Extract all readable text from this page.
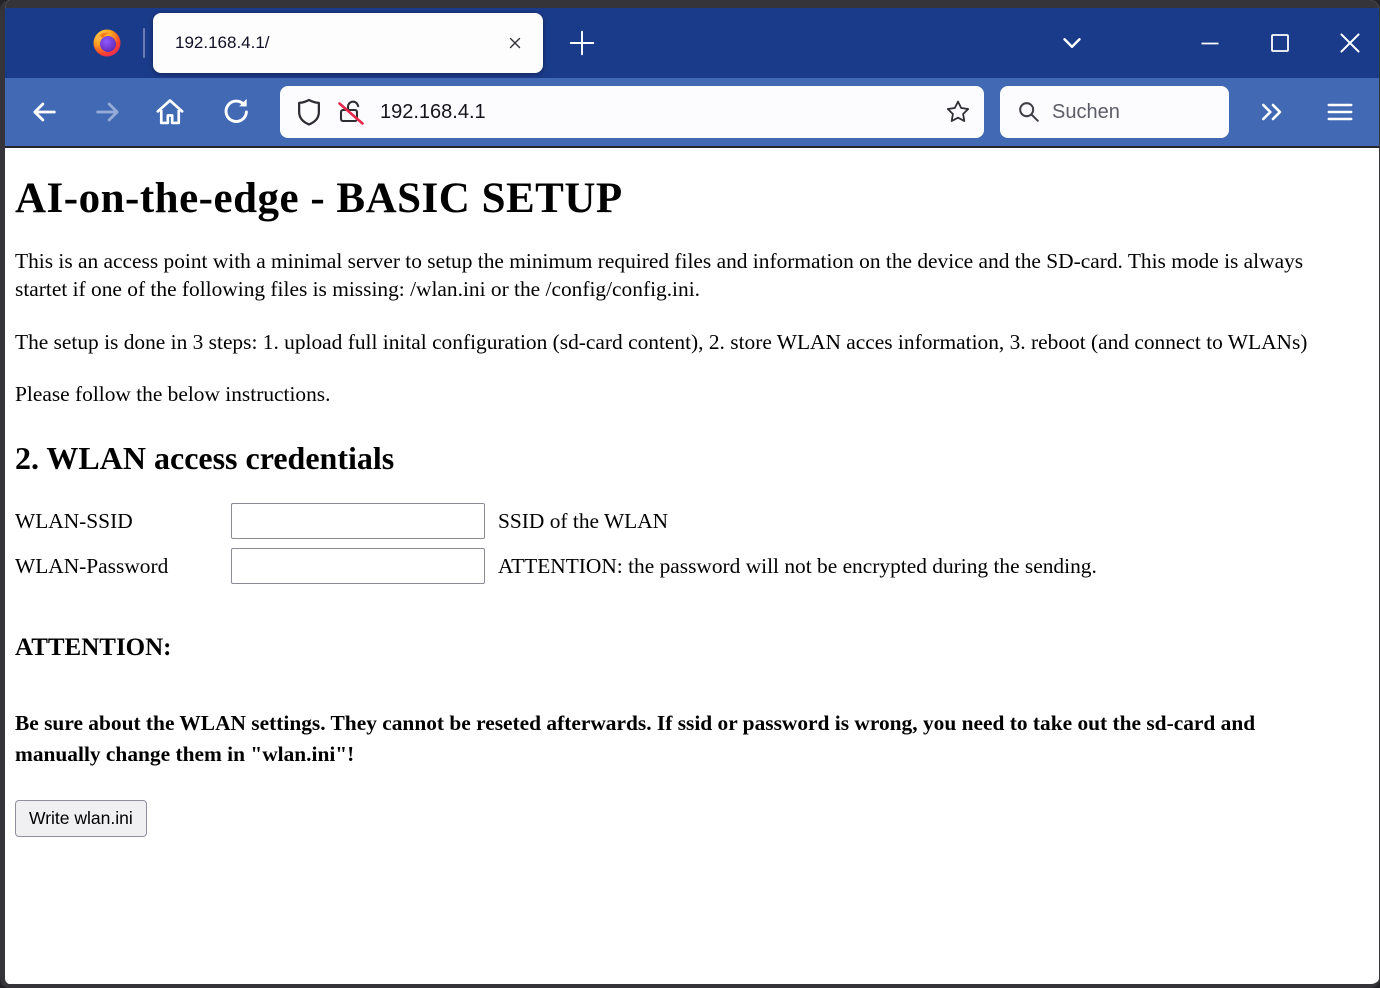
192.168.4.1/
192.168.4.1	Suchen
AI-on-the-edge - BASIC SETUP

This is an access point with a minimal server to setup the minimum required files and information on the device and the SD-card. This mode is always startet if one of the following files is missing: /wlan.ini or the /config/config.ini.

The setup is done in 3 steps: 1. upload full inital configuration (sd-card content), 2. store WLAN acces information, 3. reboot (and connect to WLANs)

Please follow the below instructions.

2. WLAN access credentials
WLAN-SSID	SSID of the WLAN
WLAN-Password	ATTENTION: the password will not be encrypted during the sending.
ATTENTION:

Be sure about the WLAN settings. They cannot be reseted afterwards. If ssid or password is wrong, you need to take out the sd-card and manually change them in "wlan.ini"!

Write wlan.ini
